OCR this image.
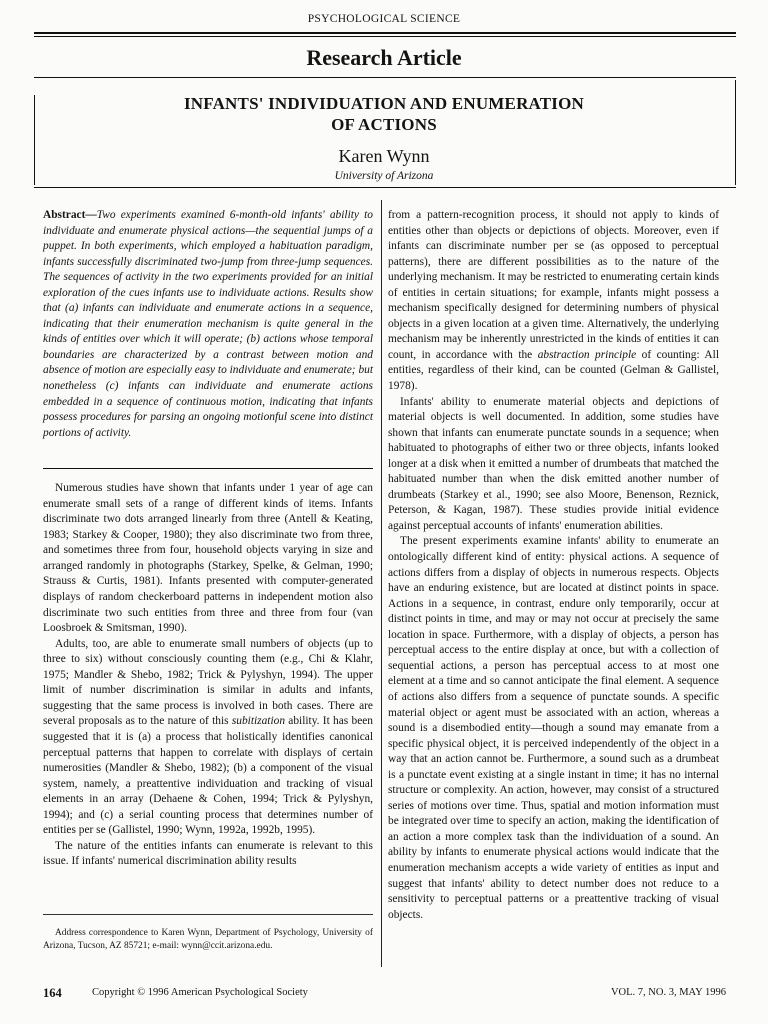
PSYCHOLOGICAL SCIENCE
Research Article
INFANTS' INDIVIDUATION AND ENUMERATION
OF ACTIONS
Karen Wynn
University of Arizona

Abstract—Two experiments examined 6-month-old infants' ability to individuate and enumerate physical actions—the sequential jumps of a puppet. In both experiments, which employed a habituation paradigm, infants successfully discriminated two-jump from three-jump sequences. The sequences of activity in the two experiments provided for an initial exploration of the cues infants use to individuate actions. Results show that (a) infants can individuate and enumerate actions in a sequence, indicating that their enumeration mechanism is quite general in the kinds of entities over which it will operate; (b) actions whose temporal boundaries are characterized by a contrast between motion and absence of motion are especially easy to individuate and enumerate; but nonetheless (c) infants can individuate and enumerate actions embedded in a sequence of continuous motion, indicating that infants possess procedures for parsing an ongoing motionful scene into distinct portions of activity.

Numerous studies have shown that infants under 1 year of age can enumerate small sets of a range of different kinds of items. Infants discriminate two dots arranged linearly from three (Antell & Keating, 1983; Starkey & Cooper, 1980); they also discriminate two from three, and sometimes three from four, household objects varying in size and arranged randomly in photographs (Starkey, Spelke, & Gelman, 1990; Strauss & Curtis, 1981). Infants presented with computer-generated displays of random checkerboard patterns in independent motion also discriminate two such entities from three and three from four (van Loosbroek & Smitsman, 1990).

Adults, too, are able to enumerate small numbers of objects (up to three to six) without consciously counting them (e.g., Chi & Klahr, 1975; Mandler & Shebo, 1982; Trick & Pylyshyn, 1994). The upper limit of number discrimination is similar in adults and infants, suggesting that the same process is involved in both cases. There are several proposals as to the nature of this subitization ability. It has been suggested that it is (a) a process that holistically identifies canonical perceptual patterns that happen to correlate with displays of certain numerosities (Mandler & Shebo, 1982); (b) a component of the visual system, namely, a preattentive individuation and tracking of visual elements in an array (Dehaene & Cohen, 1994; Trick & Pylyshyn, 1994); and (c) a serial counting process that determines number of entities per se (Gallistel, 1990; Wynn, 1992a, 1992b, 1995).

The nature of the entities infants can enumerate is relevant to this issue. If infants' numerical discrimination ability results

from a pattern-recognition process, it should not apply to kinds of entities other than objects or depictions of objects. Moreover, even if infants can discriminate number per se (as opposed to perceptual patterns), there are different possibilities as to the nature of the underlying mechanism. It may be restricted to enumerating certain kinds of entities in certain situations; for example, infants might possess a mechanism specifically designed for determining numbers of physical objects in a given location at a given time. Alternatively, the underlying mechanism may be inherently unrestricted in the kinds of entities it can count, in accordance with the abstraction principle of counting: All entities, regardless of their kind, can be counted (Gelman & Gallistel, 1978).

Infants' ability to enumerate material objects and depictions of material objects is well documented. In addition, some studies have shown that infants can enumerate punctate sounds in a sequence; when habituated to photographs of either two or three objects, infants looked longer at a disk when it emitted a number of drumbeats that matched the habituated number than when the disk emitted another number of drumbeats (Starkey et al., 1990; see also Moore, Benenson, Reznick, Peterson, & Kagan, 1987). These studies provide initial evidence against perceptual accounts of infants' enumeration abilities.

The present experiments examine infants' ability to enumerate an ontologically different kind of entity: physical actions. A sequence of actions differs from a display of objects in numerous respects. Objects have an enduring existence, but are located at distinct points in space. Actions in a sequence, in contrast, endure only temporarily, occur at distinct points in time, and may or may not occur at precisely the same location in space. Furthermore, with a display of objects, a person has perceptual access to the entire display at once, but with a collection of sequential actions, a person has perceptual access to at most one element at a time and so cannot anticipate the final element. A sequence of actions also differs from a sequence of punctate sounds. A specific material object or agent must be associated with an action, whereas a sound is a disembodied entity—though a sound may emanate from a specific physical object, it is perceived independently of the object in a way that an action cannot be. Furthermore, a sound such as a drumbeat is a punctate event existing at a single instant in time; it has no internal structure or complexity. An action, however, may consist of a structured series of motions over time. Thus, spatial and motion information must be integrated over time to specify an action, making the identification of an action a more complex task than the individuation of a sound. An ability by infants to enumerate physical actions would indicate that the enumeration mechanism accepts a wide variety of entities as input and suggest that infants' ability to detect number does not reduce to a sensitivity to perceptual patterns or a preattentive tracking of visual objects.

Address correspondence to Karen Wynn, Department of Psychology, University of Arizona, Tucson, AZ 85721; e-mail: wynn@ccit.arizona.edu.

164	Copyright © 1996 American Psychological Society	VOL. 7, NO. 3, MAY 1996
